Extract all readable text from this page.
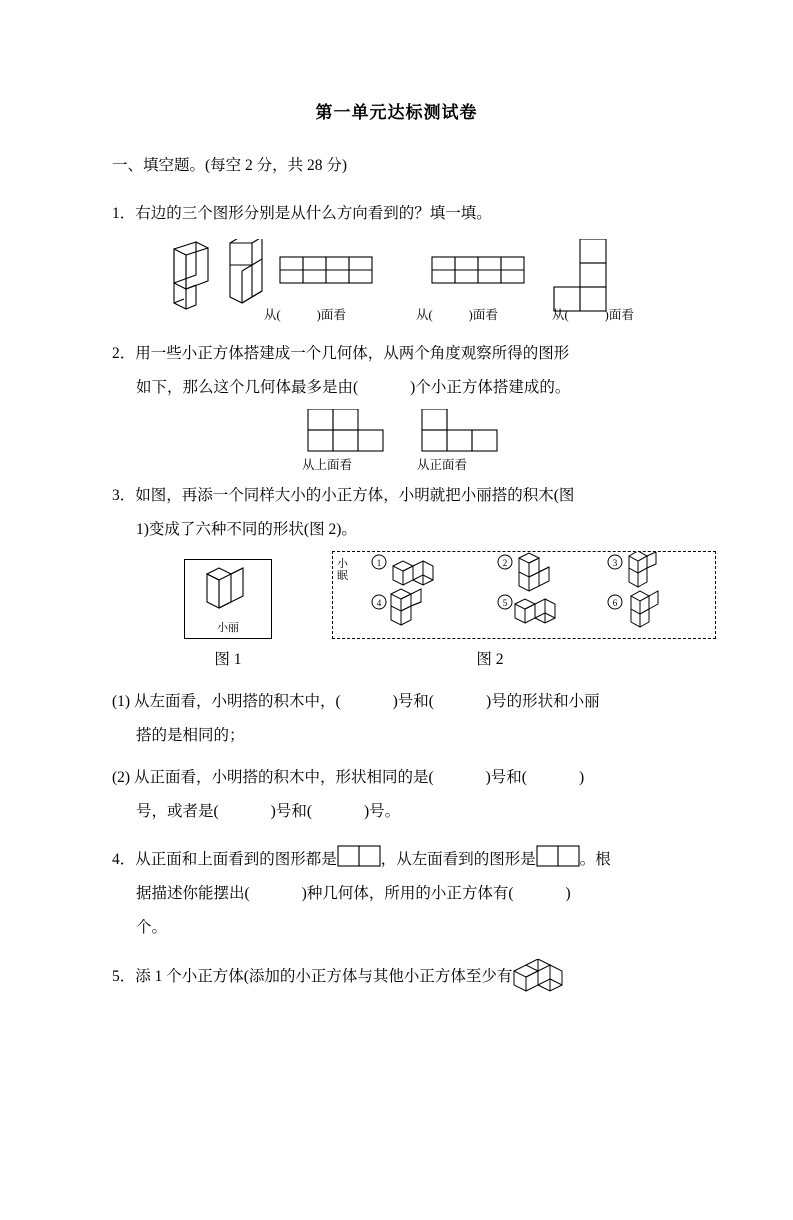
第一单元达标测试卷
一、填空题。(每空 2 分，共 28 分)
1．右边的三个图形分别是从什么方向看到的？填一填。
从(	)面看	从(	)面看	从(	)面看
2．用一些小正方体搭建成一个几何体，从两个角度观察所得的图形
如下，那么这个几何体最多是由(	)个小正方体搭建成的。
从上面看	从正面看
3．如图，再添一个同样大小的小正方体，小明就把小丽搭的积木(图
1)变成了六种不同的形状(图 2)。
小丽
小眠
1	2	3
4	5	6
图 1	图 2
(1) 从左面看，小明搭的积木中，(	)号和(	)号的形状和小丽
搭的是相同的；
(2) 从正面看，小明搭的积木中，形状相同的是(	)号和(	)
号，或者是(	)号和(	)号。
4．从正面和上面看到的图形都是	，从左面看到的图形是	。根
据描述你能摆出(	)种几何体，所用的小正方体有(	)
个。
5．添 1 个小正方体(添加的小正方体与其他小正方体至少有
